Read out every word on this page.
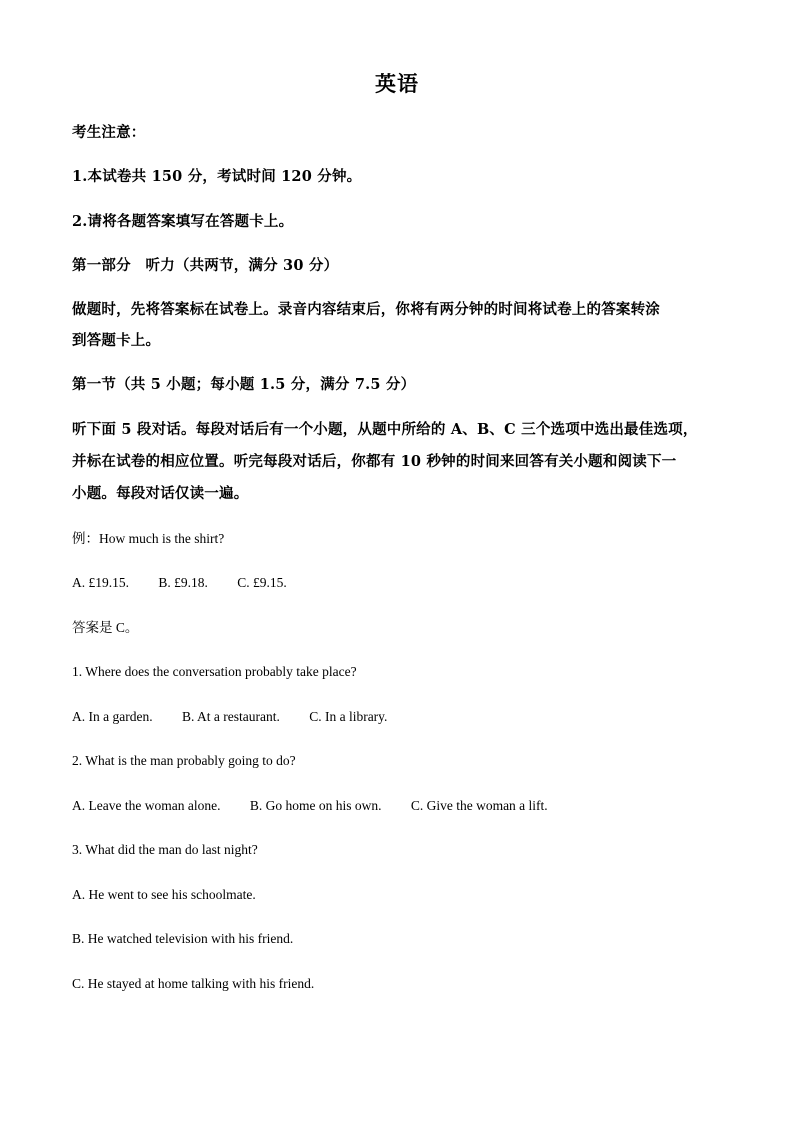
英语
考生注意：
1.本试卷共 150 分，考试时间 120 分钟。
2.请将各题答案填写在答题卡上。
第一部分　听力（共两节，满分 30 分）
做题时，先将答案标在试卷上。录音内容结束后，你将有两分钟的时间将试卷上的答案转涂
到答题卡上。
第一节（共 5 小题；每小题 1.5 分，满分 7.5 分）
听下面 5 段对话。每段对话后有一个小题，从题中所给的 A、B、C 三个选项中选出最佳选项，
并标在试卷的相应位置。听完每段对话后，你都有 10 秒钟的时间来回答有关小题和阅读下一
小题。每段对话仅读一遍。
例：How much is the shirt?
A. £19.15. B. £9.18. C. £9.15.
答案是 C。
1. Where does the conversation probably take place?
A. In a garden. B. At a restaurant. C. In a library.
2. What is the man probably going to do?
A. Leave the woman alone. B. Go home on his own. C. Give the woman a lift.
3. What did the man do last night?
A. He went to see his schoolmate.
B. He watched television with his friend.
C. He stayed at home talking with his friend.
